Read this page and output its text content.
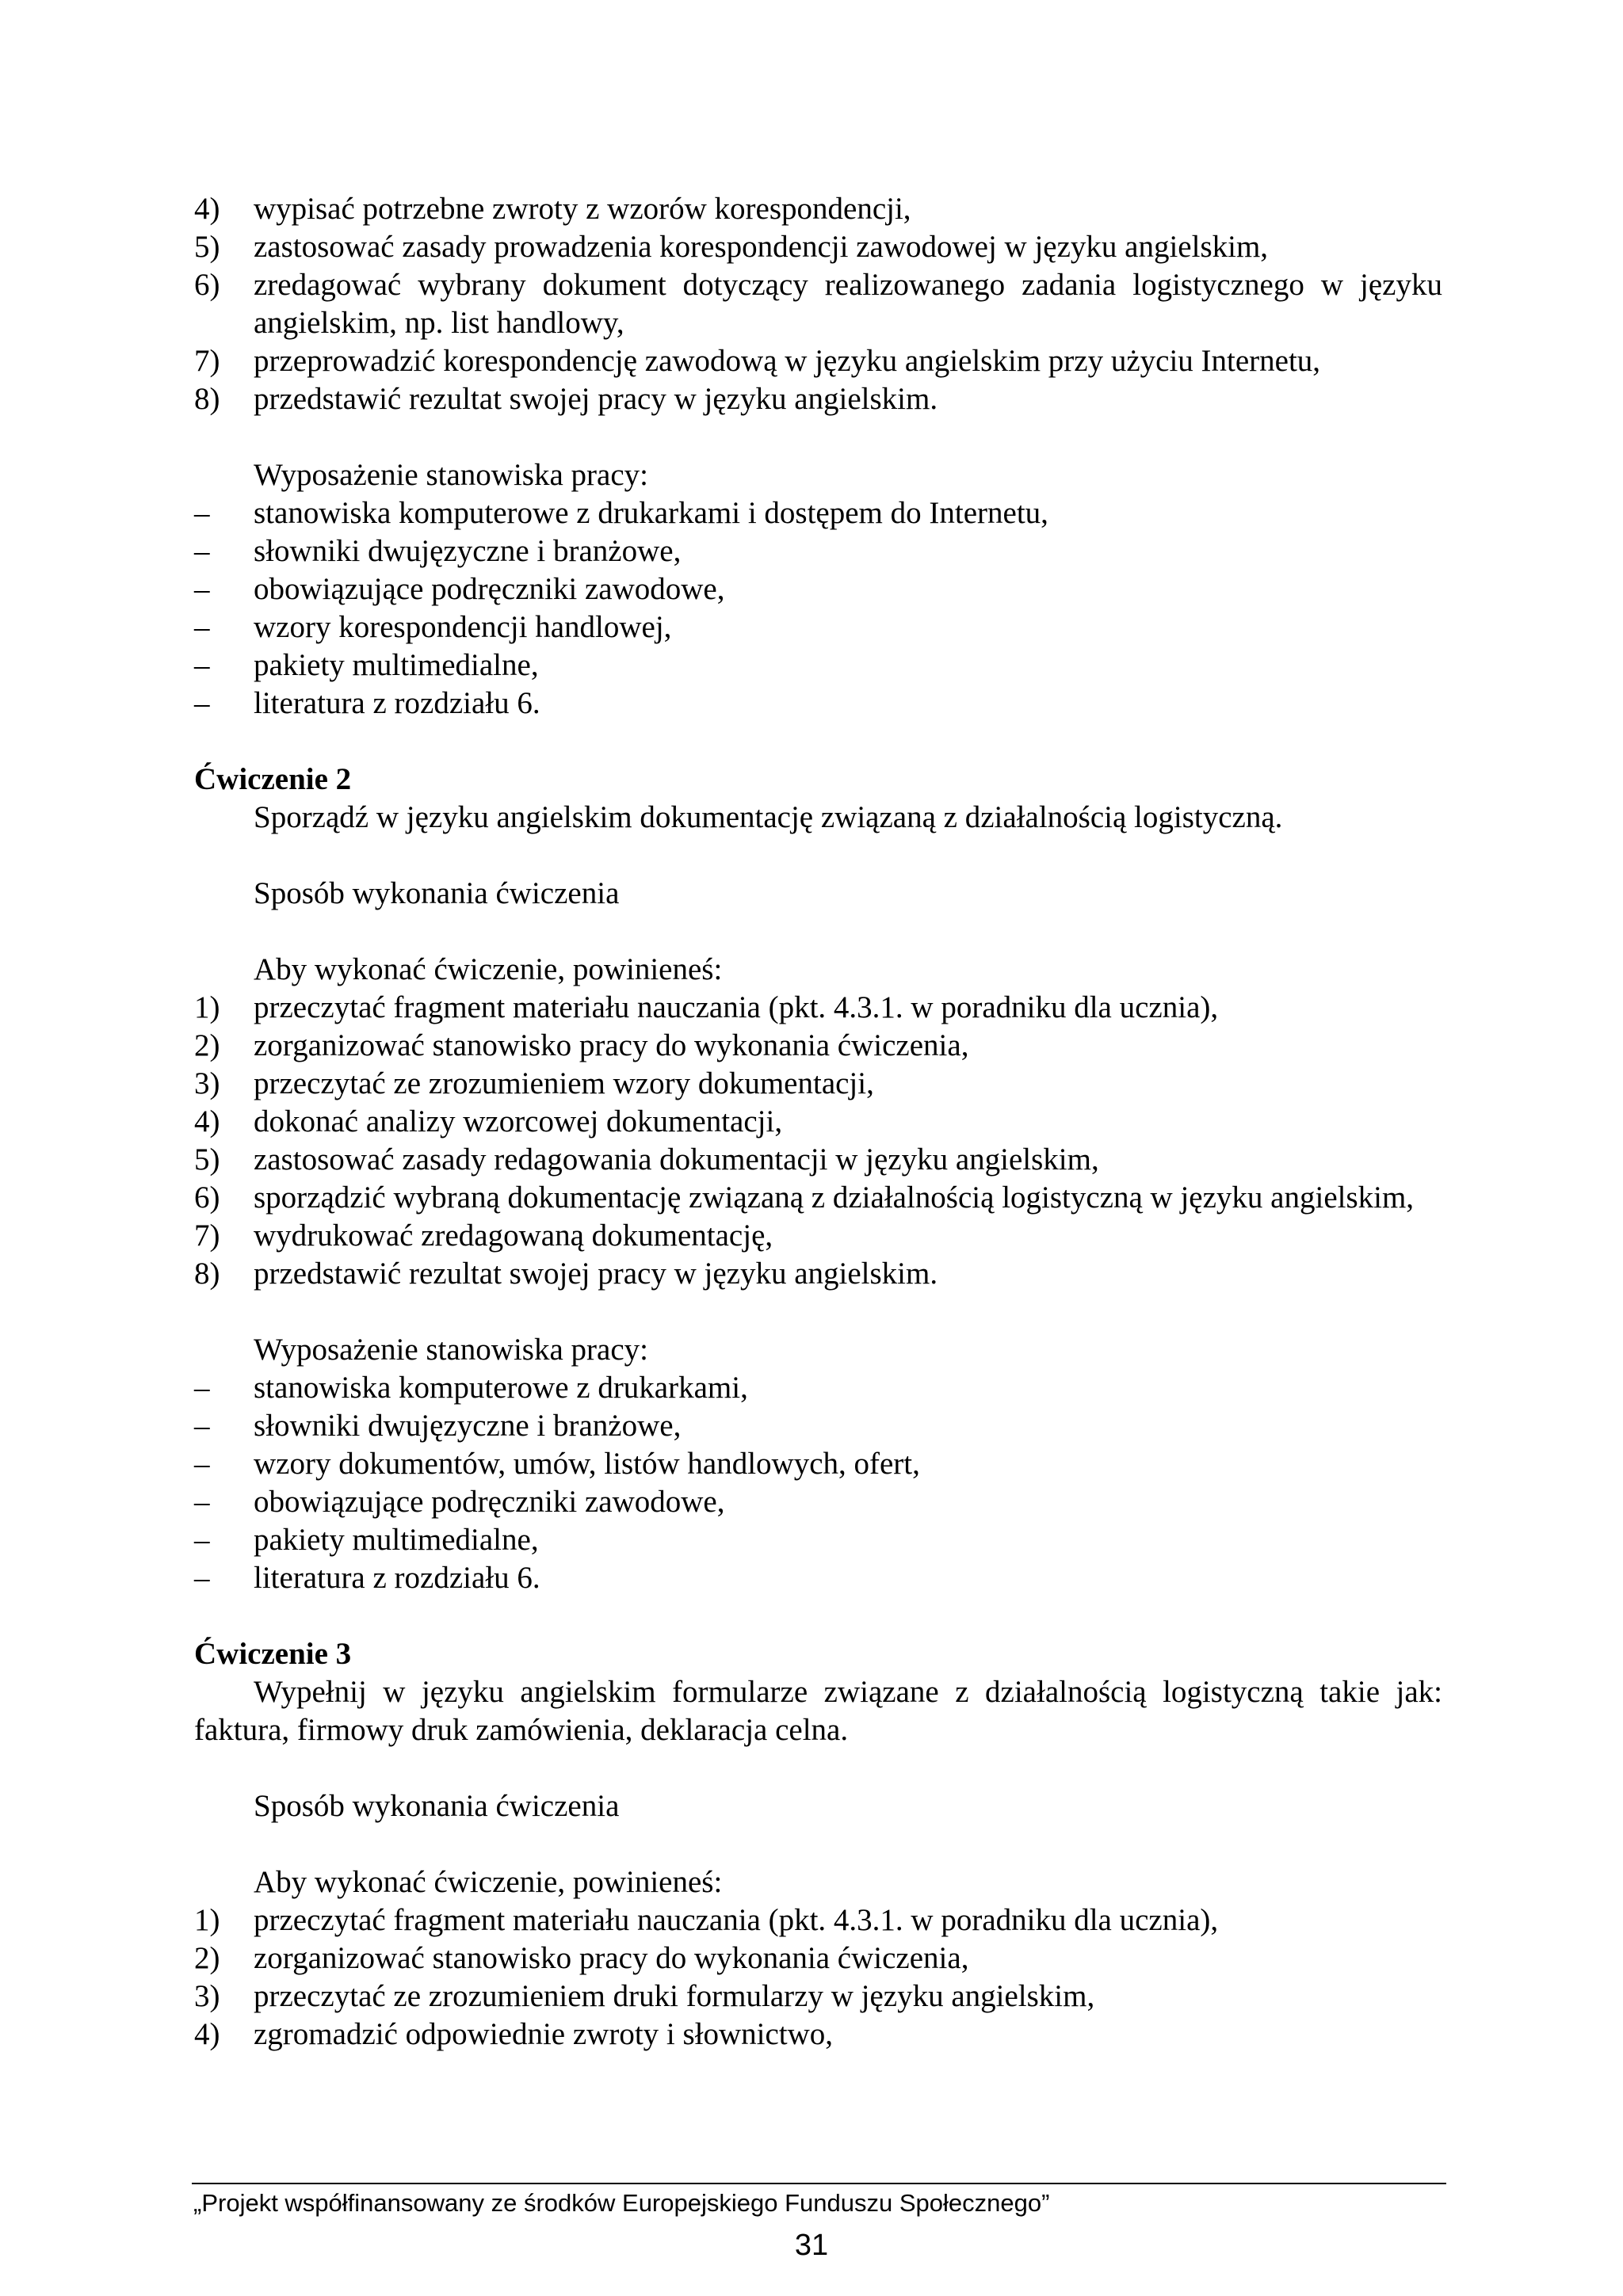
4) wypisać potrzebne zwroty z wzorów korespondencji,
5) zastosować zasady prowadzenia korespondencji zawodowej w języku angielskim,
6) zredagować wybrany dokument dotyczący realizowanego zadania logistycznego w języku angielskim, np. list handlowy,
7) przeprowadzić korespondencję zawodową w języku angielskim przy użyciu Internetu,
8) przedstawić rezultat swojej pracy w języku angielskim.
Wyposażenie stanowiska pracy:
– stanowiska komputerowe z drukarkami i dostępem do Internetu,
– słowniki dwujęzyczne i branżowe,
– obowiązujące podręczniki zawodowe,
– wzory korespondencji handlowej,
– pakiety multimedialne,
– literatura z rozdziału 6.
Ćwiczenie 2
Sporządź w języku angielskim dokumentację związaną z działalnością logistyczną.
Sposób wykonania ćwiczenia
Aby wykonać ćwiczenie, powinieneś:
1) przeczytać fragment materiału nauczania (pkt. 4.3.1. w poradniku dla ucznia),
2) zorganizować stanowisko pracy do wykonania ćwiczenia,
3) przeczytać ze zrozumieniem wzory dokumentacji,
4) dokonać analizy wzorcowej dokumentacji,
5) zastosować zasady redagowania dokumentacji w języku angielskim,
6) sporządzić wybraną dokumentację związaną z działalnością logistyczną w języku angielskim,
7) wydrukować zredagowaną dokumentację,
8) przedstawić rezultat swojej pracy w języku angielskim.
Wyposażenie stanowiska pracy:
– stanowiska komputerowe z drukarkami,
– słowniki dwujęzyczne i branżowe,
– wzory dokumentów, umów, listów handlowych, ofert,
– obowiązujące podręczniki zawodowe,
– pakiety multimedialne,
– literatura z rozdziału 6.
Ćwiczenie 3
Wypełnij w języku angielskim formularze związane z działalnością logistyczną takie jak: faktura, firmowy druk zamówienia, deklaracja celna.
Sposób wykonania ćwiczenia
Aby wykonać ćwiczenie, powinieneś:
1) przeczytać fragment materiału nauczania (pkt. 4.3.1. w poradniku dla ucznia),
2) zorganizować stanowisko pracy do wykonania ćwiczenia,
3) przeczytać ze zrozumieniem druki formularzy w języku angielskim,
4) zgromadzić odpowiednie zwroty i słownictwo,
„Projekt współfinansowany ze środków Europejskiego Funduszu Społecznego”
31
